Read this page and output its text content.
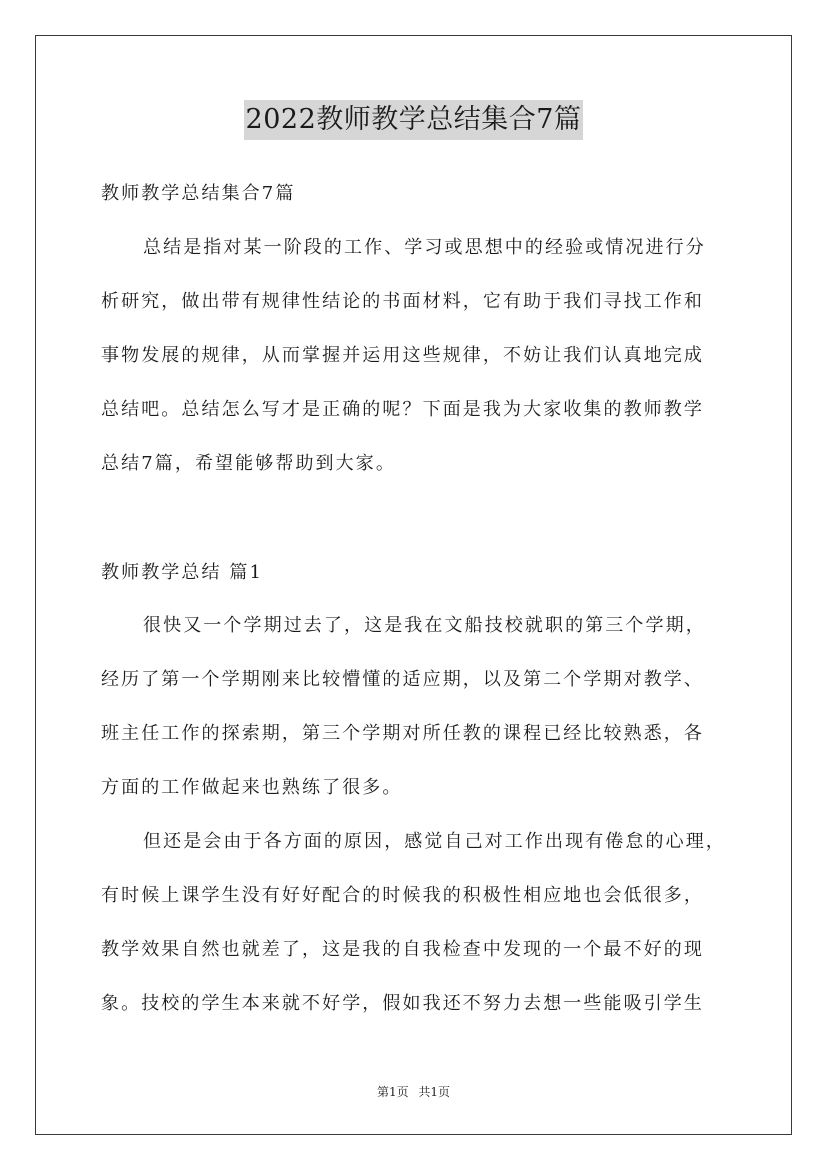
2022教师教学总结集合7篇
教师教学总结集合7篇
总结是指对某一阶段的工作、学习或思想中的经验或情况进行分
析研究，做出带有规律性结论的书面材料，它有助于我们寻找工作和
事物发展的规律，从而掌握并运用这些规律，不妨让我们认真地完成
总结吧。总结怎么写才是正确的呢？下面是我为大家收集的教师教学
总结7篇，希望能够帮助到大家。
教师教学总结 篇1
很快又一个学期过去了，这是我在文船技校就职的第三个学期，
经历了第一个学期刚来比较懵懂的适应期，以及第二个学期对教学、
班主任工作的探索期，第三个学期对所任教的课程已经比较熟悉，各
方面的工作做起来也熟练了很多。
但还是会由于各方面的原因，感觉自己对工作出现有倦怠的心理，
有时候上课学生没有好好配合的时候我的积极性相应地也会低很多，
教学效果自然也就差了，这是我的自我检查中发现的一个最不好的现
象。技校的学生本来就不好学，假如我还不努力去想一些能吸引学生
第1页 共1页
